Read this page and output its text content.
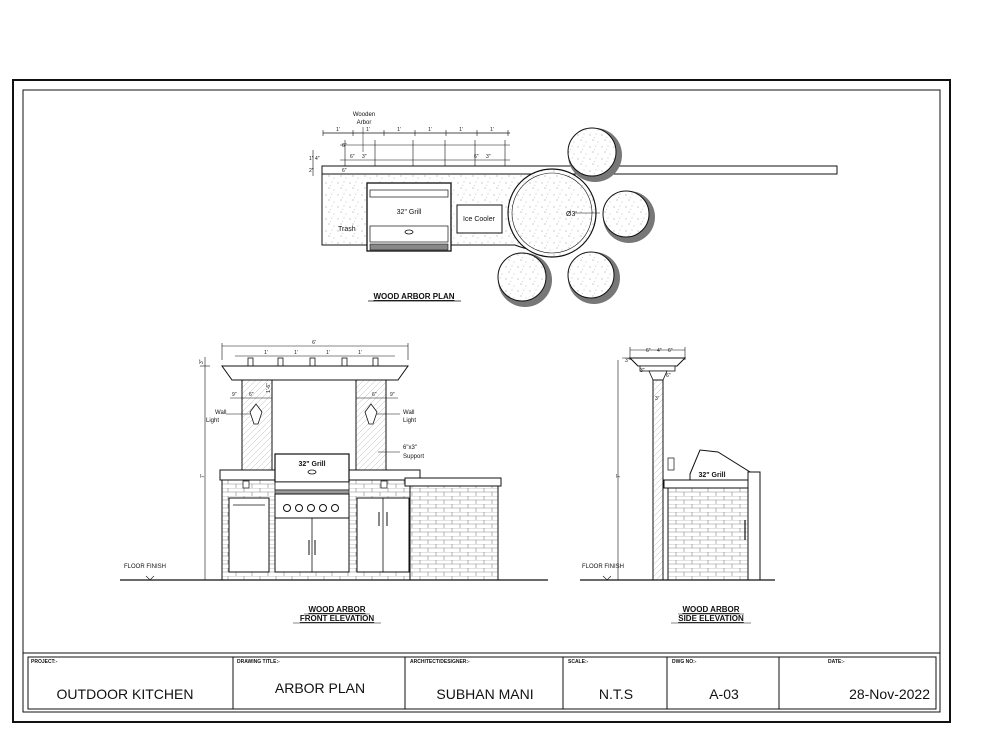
Wooden
Arbor
1'	1'	1'	1'	1'	1'
6"	6"
3"	3"
6"
4"
1"
2"	6"
32" Grill
Trash
Ice Cooler
Ø3'
WOOD ARBOR PLAN
6'
1'	1'	1'	1'
9" 6"	6"	9"
1'-6"
7'
3"
Wall
Light
Wall
Light
6"x3"
Support
32" Grill
FLOOR FINISH
WOOD ARBOR
FRONT ELEVATION
6" 4" 6"
3"
6"
3'
7'
3"
32" Grill
FLOOR FINISH
WOOD ARBOR
SIDE ELEVATION
PROJECT:-
OUTDOOR KITCHEN
DRAWING TITLE:-
ARBOR PLAN
ARCHITECT/DESIGNER:-
SUBHAN MANI
SCALE:-
N.T.S
DWG NO:-
A-03
DATE:-
28-Nov-2022
